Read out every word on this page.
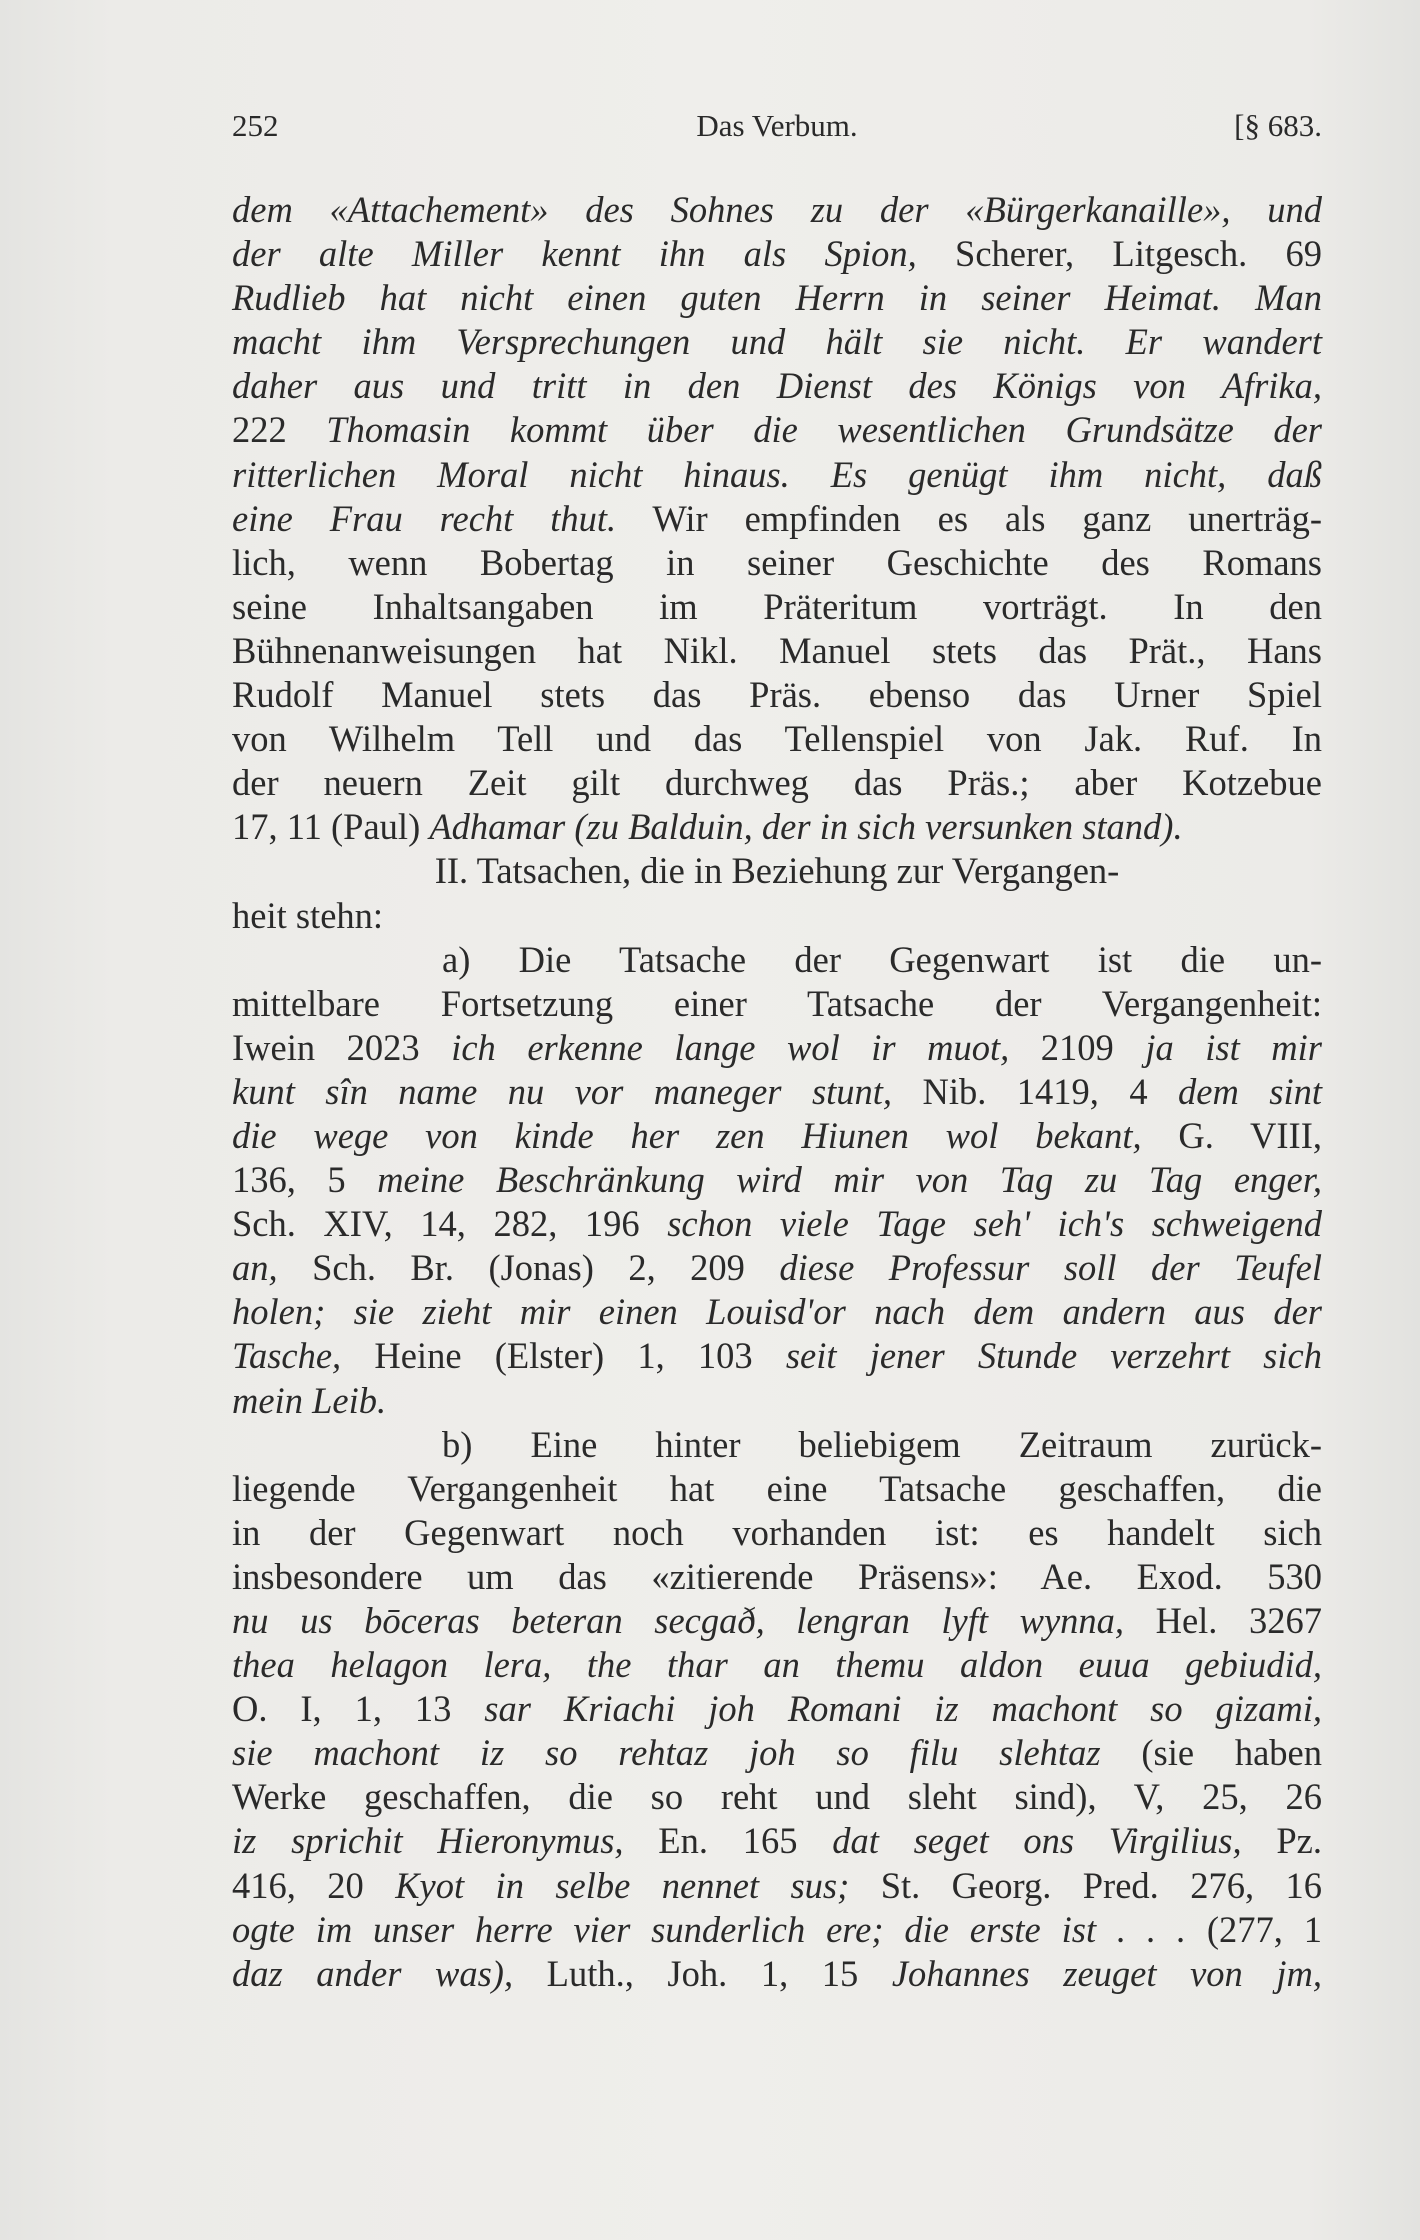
252	Das Verbum.	[§ 683.
dem «Attachement» des Sohnes zu der «Bürgerkanaille», und
der alte Miller kennt ihn als Spion, Scherer, Litgesch. 69
Rudlieb hat nicht einen guten Herrn in seiner Heimat. Man
macht ihm Versprechungen und hält sie nicht. Er wandert
daher aus und tritt in den Dienst des Königs von Afrika,
222 Thomasin kommt über die wesentlichen Grundsätze der
ritterlichen Moral nicht hinaus. Es genügt ihm nicht, daß
eine Frau recht thut. Wir empfinden es als ganz unerträg-
lich, wenn Bobertag in seiner Geschichte des Romans
seine Inhaltsangaben im Präteritum vorträgt. In den
Bühnenanweisungen hat Nikl. Manuel stets das Prät., Hans
Rudolf Manuel stets das Präs. ebenso das Urner Spiel
von Wilhelm Tell und das Tellenspiel von Jak. Ruf. In
der neuern Zeit gilt durchweg das Präs.; aber Kotzebue
17, 11 (Paul) Adhamar (zu Balduin, der in sich versunken stand).
II. Tatsachen, die in Beziehung zur Vergangen-
heit stehn:
a) Die Tatsache der Gegenwart ist die un-
mittelbare Fortsetzung einer Tatsache der Vergangenheit:
Iwein 2023 ich erkenne lange wol ir muot, 2109 ja ist mir
kunt sîn name nu vor maneger stunt, Nib. 1419, 4 dem sint
die wege von kinde her zen Hiunen wol bekant, G. VIII,
136, 5 meine Beschränkung wird mir von Tag zu Tag enger,
Sch. XIV, 14, 282, 196 schon viele Tage seh' ich's schweigend
an, Sch. Br. (Jonas) 2, 209 diese Professur soll der Teufel
holen; sie zieht mir einen Louisd'or nach dem andern aus der
Tasche, Heine (Elster) 1, 103 seit jener Stunde verzehrt sich
mein Leib.
b) Eine hinter beliebigem Zeitraum zurück-
liegende Vergangenheit hat eine Tatsache geschaffen, die
in der Gegenwart noch vorhanden ist: es handelt sich
insbesondere um das «zitierende Präsens»: Ae. Exod. 530
nu us bōceras beteran secgað, lengran lyft wynna, Hel. 3267
thea helagon lera, the thar an themu aldon euua gebiudid,
O. I, 1, 13 sar Kriachi joh Romani iz machont so gizami,
sie machont iz so rehtaz joh so filu slehtaz (sie haben
Werke geschaffen, die so reht und sleht sind), V, 25, 26
iz sprichit Hieronymus, En. 165 dat seget ons Virgilius, Pz.
416, 20 Kyot in selbe nennet sus; St. Georg. Pred. 276, 16
ogte im unser herre vier sunderlich ere; die erste ist . . . (277, 1
daz ander was), Luth., Joh. 1, 15 Johannes zeuget von jm,
